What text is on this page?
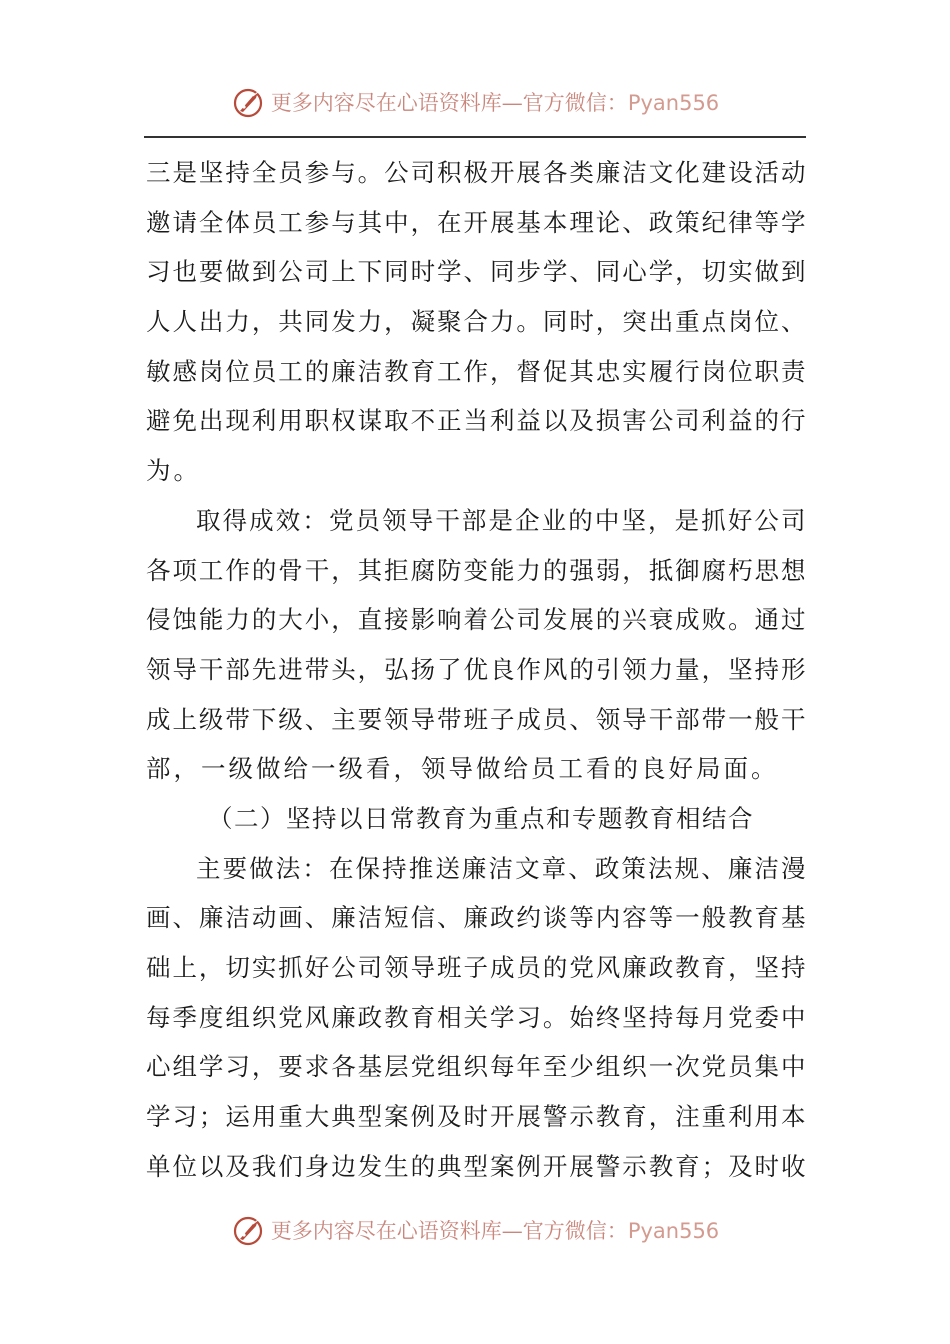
更多内容尽在心语资料库—官方微信：Pyan556
三是坚持全员参与。公司积极开展各类廉洁文化建设活动
邀请全体员工参与其中，在开展基本理论、政策纪律等学
习也要做到公司上下同时学、同步学、同心学，切实做到
人人出力，共同发力，凝聚合力。同时，突出重点岗位、
敏感岗位员工的廉洁教育工作，督促其忠实履行岗位职责
避免出现利用职权谋取不正当利益以及损害公司利益的行
为。
取得成效：党员领导干部是企业的中坚，是抓好公司
各项工作的骨干，其拒腐防变能力的强弱，抵御腐朽思想
侵蚀能力的大小，直接影响着公司发展的兴衰成败。通过
领导干部先进带头，弘扬了优良作风的引领力量，坚持形
成上级带下级、主要领导带班子成员、领导干部带一般干
部，一级做给一级看，领导做给员工看的良好局面。
（二）坚持以日常教育为重点和专题教育相结合
主要做法：在保持推送廉洁文章、政策法规、廉洁漫
画、廉洁动画、廉洁短信、廉政约谈等内容等一般教育基
础上，切实抓好公司领导班子成员的党风廉政教育，坚持
每季度组织党风廉政教育相关学习。始终坚持每月党委中
心组学习，要求各基层党组织每年至少组织一次党员集中
学习；运用重大典型案例及时开展警示教育，注重利用本
单位以及我们身边发生的典型案例开展警示教育；及时收
更多内容尽在心语资料库—官方微信：Pyan556
